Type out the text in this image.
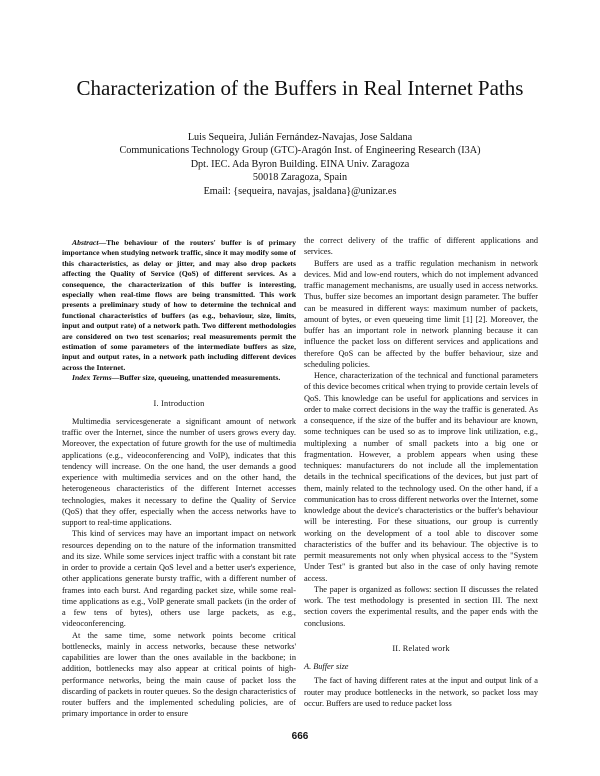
Characterization of the Buffers in Real Internet Paths
Luis Sequeira, Julián Fernández-Navajas, Jose Saldana
Communications Technology Group (GTC)-Aragón Inst. of Engineering Research (I3A)
Dpt. IEC. Ada Byron Building. EINA Univ. Zaragoza
50018 Zaragoza, Spain
Email: {sequeira, navajas, jsaldana}@unizar.es

Abstract—The behaviour of the routers' buffer is of primary importance when studying network traffic, since it may modify some of this characteristics, as delay or jitter, and may also drop packets affecting the Quality of Service (QoS) of different services. As a consequence, the characterization of this buffer is interesting, especially when real-time flows are being transmitted. This work presents a preliminary study of how to determine the technical and functional characteristics of buffers (as e.g., behaviour, size, limits, input and output rate) of a network path. Two different methodologies are considered on two test scenarios; real measurements permit the estimation of some parameters of the intermediate buffers as size, input and output rates, in a network path including different devices across the Internet.

Index Terms—Buffer size, queueing, unattended measurements.

I. Introduction

Multimedia servicesgenerate a significant amount of network traffic over the Internet, since the number of users grows every day. Moreover, the expectation of future growth for the use of multimedia applications (e.g., videoconferencing and VoIP), indicates that this tendency will increase. On the one hand, the user demands a good experience with multimedia services and on the other hand, the heterogeneous characteristics of the different Internet accesses technologies, makes it necessary to define the Quality of Service (QoS) that they offer, especially when the access networks have to support to real-time applications.

This kind of services may have an important impact on network resources depending on to the nature of the information transmitted and its size. While some services inject traffic with a constant bit rate in order to provide a certain QoS level and a better user's experience, other applications generate bursty traffic, with a different number of frames into each burst. And regarding packet size, while some real-time applications as e.g., VoIP generate small packets (in the order of a few tens of bytes), others use large packets, as e.g., videoconferencing.

At the same time, some network points become critical bottlenecks, mainly in access networks, because these networks' capabilities are lower than the ones available in the backbone; in addition, bottlenecks may also appear at critical points of high-performance networks, being the main cause of packet loss the discarding of packets in router queues. So the design characteristics of router buffers and the implemented scheduling policies, are of primary importance in order to ensure

the correct delivery of the traffic of different applications and services.

Buffers are used as a traffic regulation mechanism in network devices. Mid and low-end routers, which do not implement advanced traffic management mechanisms, are usually used in access networks. Thus, buffer size becomes an important design parameter. The buffer can be measured in different ways: maximum number of packets, amount of bytes, or even queueing time limit [1] [2]. Moreover, the buffer has an important role in network planning because it can influence the packet loss on different services and applications and therefore QoS can be affected by the buffer behaviour, size and scheduling policies.

Hence, characterization of the technical and functional parameters of this device becomes critical when trying to provide certain levels of QoS. This knowledge can be useful for applications and services in order to make correct decisions in the way the traffic is generated. As a consequence, if the size of the buffer and its behaviour are known, some techniques can be used so as to improve link utilization, e.g., multiplexing a number of small packets into a big one or fragmentation. However, a problem appears when using these techniques: manufacturers do not include all the implementation details in the technical specifications of the devices, but just part of them, mainly related to the technology used. On the other hand, if a communication has to cross different networks over the Internet, some knowledge about the device's characteristics or the buffer's behaviour will be interesting. For these situations, our group is currently working on the development of a tool able to discover some characteristics of the buffer and its behaviour. The objective is to permit measurements not only when physical access to the "System Under Test" is granted but also in the case of only having remote access.

The paper is organized as follows: section II discusses the related work. The test methodology is presented in section III. The next section covers the experimental results, and the paper ends with the conclusions.

II. Related work
A. Buffer size

The fact of having different rates at the input and output link of a router may produce bottlenecks in the network, so packet loss may occur. Buffers are used to reduce packet loss

666
